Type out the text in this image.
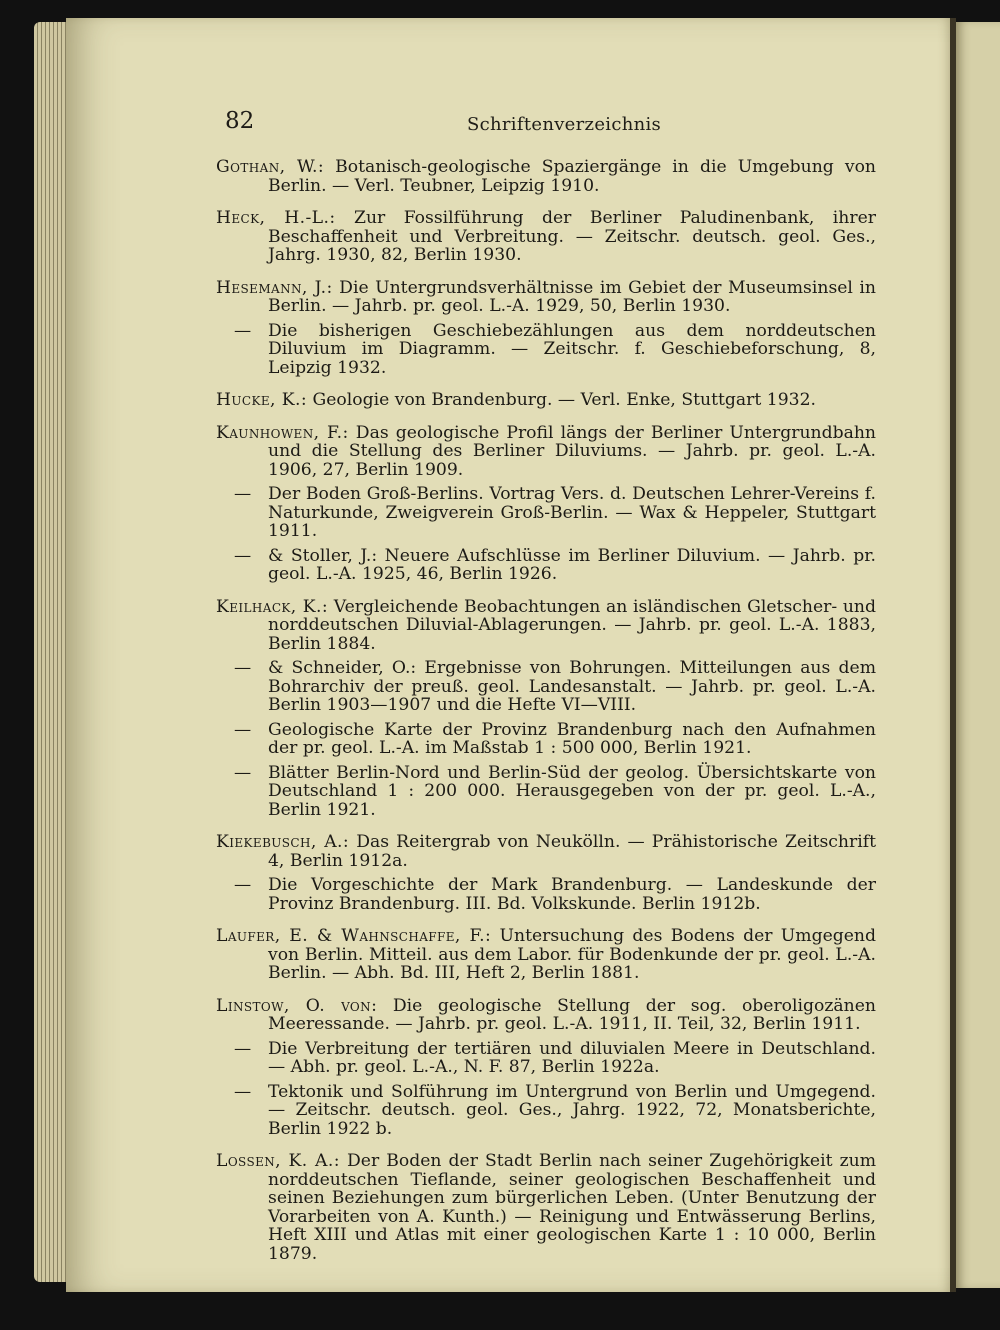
82	Schriftenverzeichnis
Gothan, W.: Botanisch-geologische Spaziergänge in die Umgebung von Berlin. — Verl. Teubner, Leipzig 1910.
Heck, H.-L.: Zur Fossilführung der Berliner Paludinenbank, ihrer Beschaffenheit und Verbreitung. — Zeitschr. deutsch. geol. Ges., Jahrg. 1930, 82, Berlin 1930.
Hesemann, J.: Die Untergrundsverhältnisse im Gebiet der Museumsinsel in Berlin. — Jahrb. pr. geol. L.-A. 1929, 50, Berlin 1930.
— Die bisherigen Geschiebezählungen aus dem norddeutschen Diluvium im Diagramm. — Zeitschr. f. Geschiebeforschung, 8, Leipzig 1932.
Hucke, K.: Geologie von Brandenburg. — Verl. Enke, Stuttgart 1932.
Kaunhowen, F.: Das geologische Profil längs der Berliner Untergrundbahn und die Stellung des Berliner Diluviums. — Jahrb. pr. geol. L.-A. 1906, 27, Berlin 1909.
— Der Boden Groß-Berlins. Vortrag Vers. d. Deutschen Lehrer-Vereins f. Naturkunde, Zweigverein Groß-Berlin. — Wax & Heppeler, Stuttgart 1911.
— & Stoller, J.: Neuere Aufschlüsse im Berliner Diluvium. — Jahrb. pr. geol. L.-A. 1925, 46, Berlin 1926.
Keilhack, K.: Vergleichende Beobachtungen an isländischen Gletscher- und norddeutschen Diluvial-Ablagerungen. — Jahrb. pr. geol. L.-A. 1883, Berlin 1884.
— & Schneider, O.: Ergebnisse von Bohrungen. Mitteilungen aus dem Bohrarchiv der preuß. geol. Landesanstalt. — Jahrb. pr. geol. L.-A. Berlin 1903—1907 und die Hefte VI—VIII.
— Geologische Karte der Provinz Brandenburg nach den Aufnahmen der pr. geol. L.-A. im Maßstab 1 : 500 000, Berlin 1921.
— Blätter Berlin-Nord und Berlin-Süd der geolog. Übersichtskarte von Deutschland 1 : 200 000. Herausgegeben von der pr. geol. L.-A., Berlin 1921.
Kiekebusch, A.: Das Reitergrab von Neukölln. — Prähistorische Zeitschrift 4, Berlin 1912a.
— Die Vorgeschichte der Mark Brandenburg. — Landeskunde der Provinz Brandenburg. III. Bd. Volkskunde. Berlin 1912b.
Laufer, E. & Wahnschaffe, F.: Untersuchung des Bodens der Umgegend von Berlin. Mitteil. aus dem Labor. für Bodenkunde der pr. geol. L.-A. Berlin. — Abh. Bd. III, Heft 2, Berlin 1881.
Linstow, O. von: Die geologische Stellung der sog. oberoligozänen Meeressande. — Jahrb. pr. geol. L.-A. 1911, II. Teil, 32, Berlin 1911.
— Die Verbreitung der tertiären und diluvialen Meere in Deutschland. — Abh. pr. geol. L.-A., N. F. 87, Berlin 1922a.
— Tektonik und Solführung im Untergrund von Berlin und Umgegend. — Zeitschr. deutsch. geol. Ges., Jahrg. 1922, 72, Monatsberichte, Berlin 1922 b.
Lossen, K. A.: Der Boden der Stadt Berlin nach seiner Zugehörigkeit zum norddeutschen Tieflande, seiner geologischen Beschaffenheit und seinen Beziehungen zum bürgerlichen Leben. (Unter Benutzung der Vorarbeiten von A. Kunth.) — Reinigung und Entwässerung Berlins, Heft XIII und Atlas mit einer geologischen Karte 1 : 10 000, Berlin 1879.
